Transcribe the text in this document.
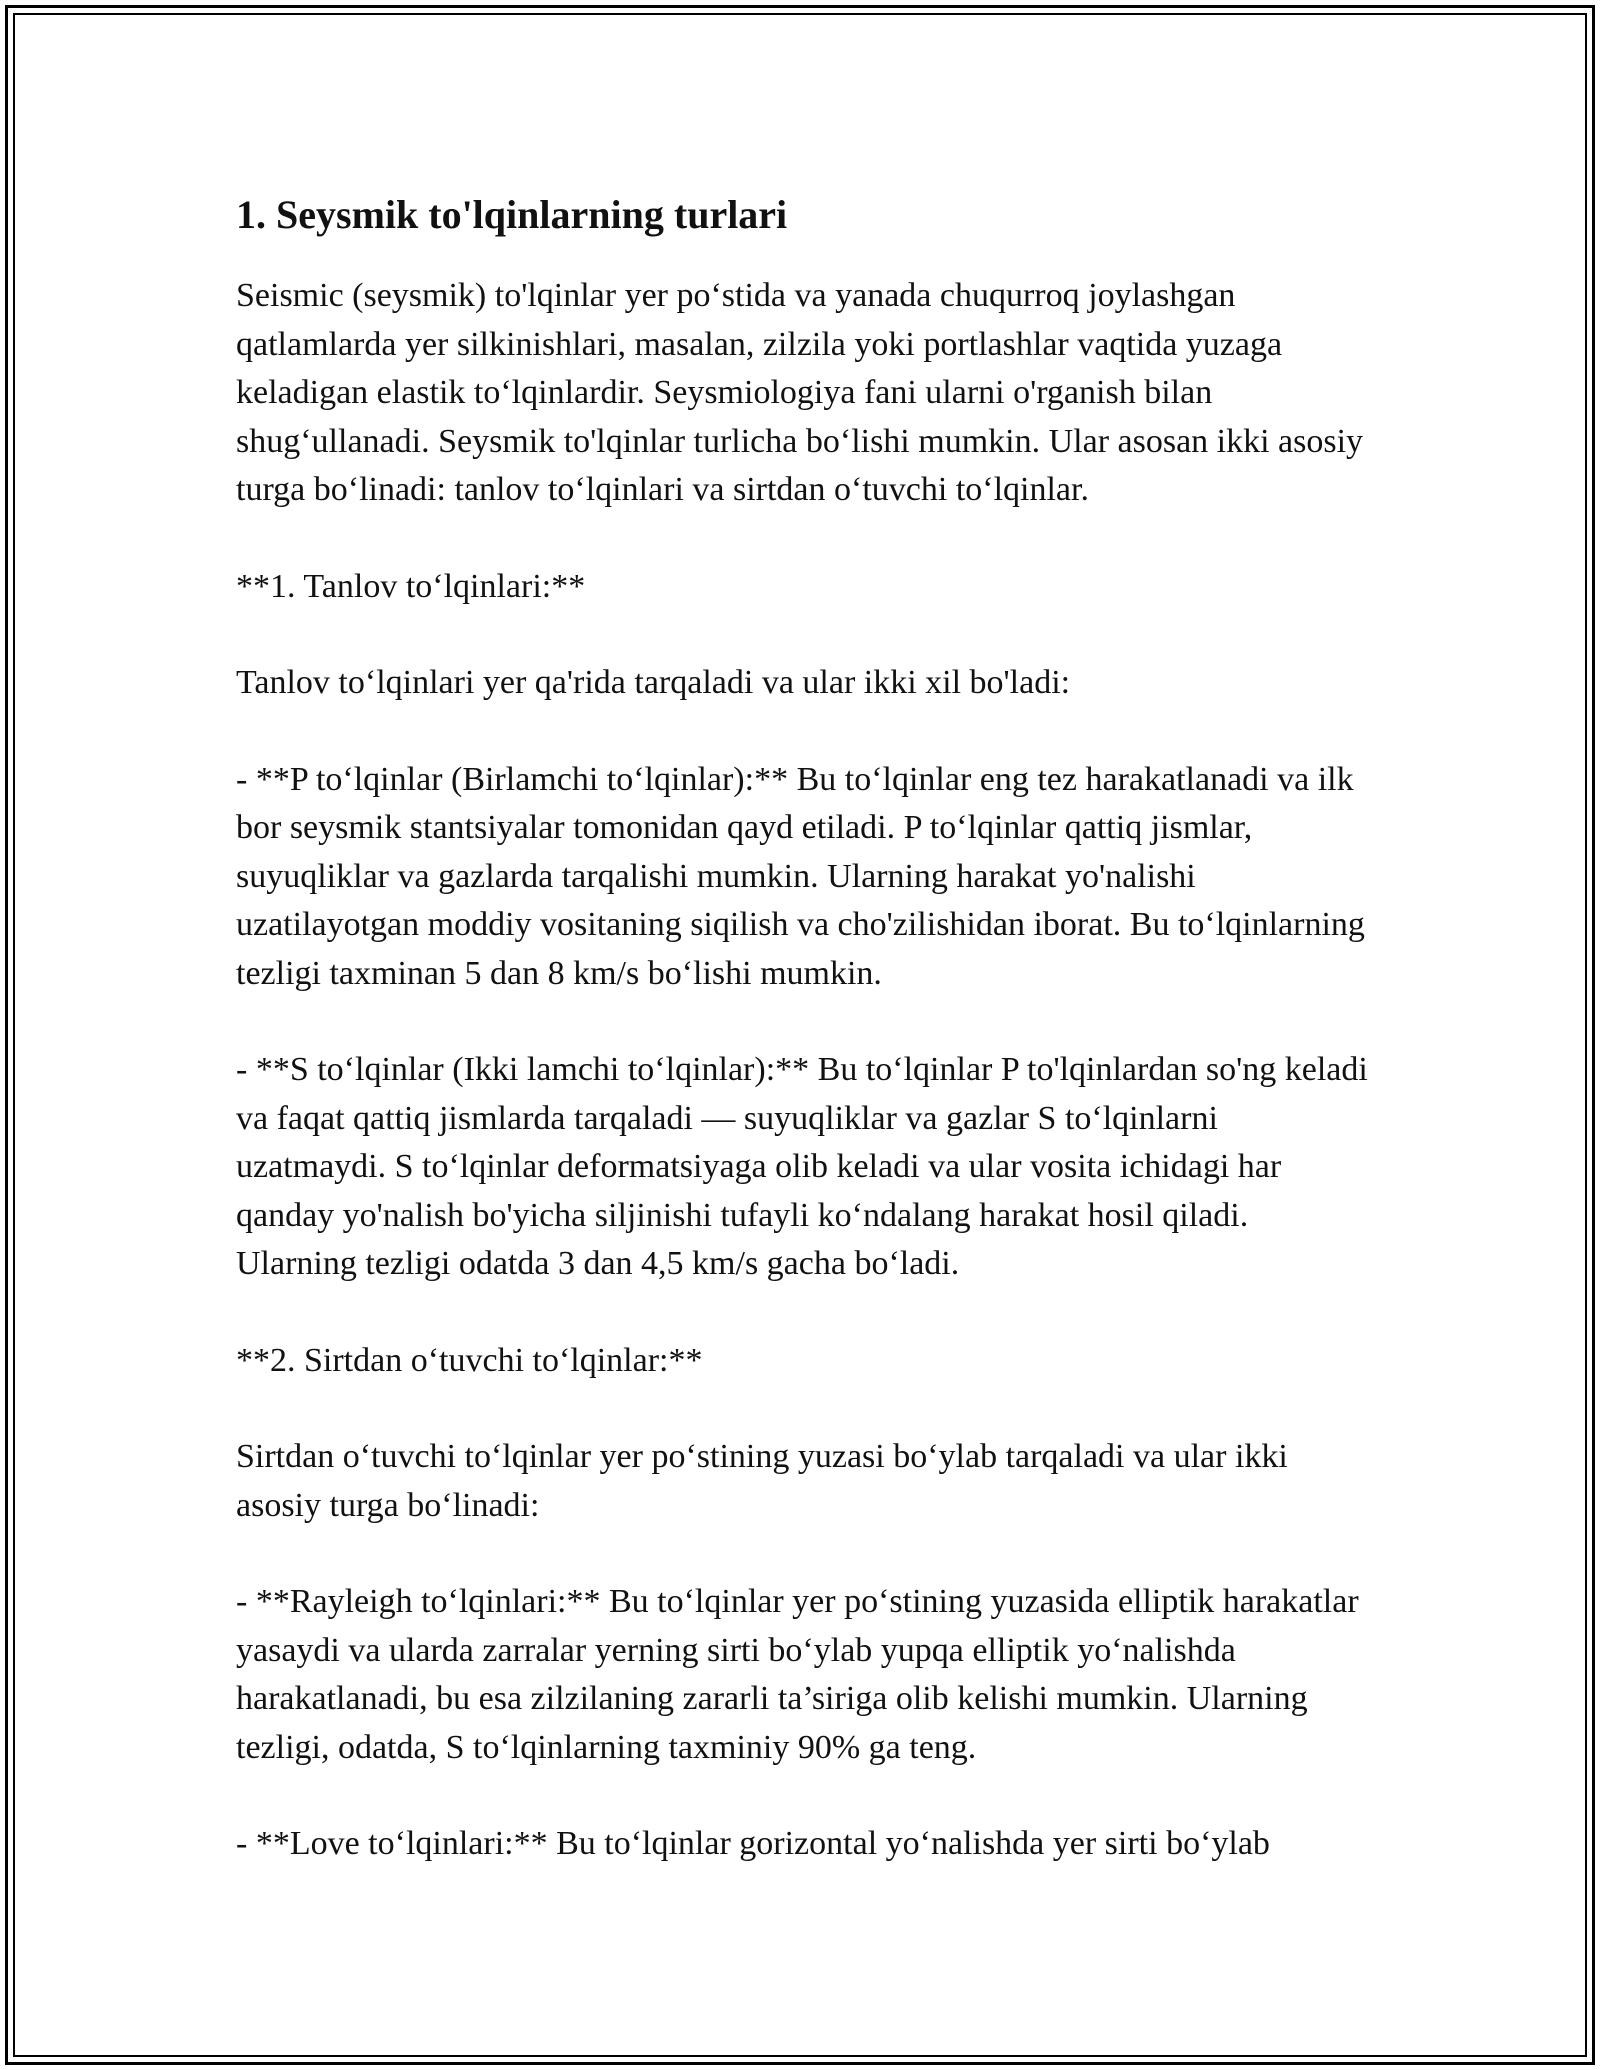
1. Seysmik to'lqinlarning turlari

Seismic (seysmik) to'lqinlar yer po‘stida va yanada chuqurroq joylashgan qatlamlarda yer silkinishlari, masalan, zilzila yoki portlashlar vaqtida yuzaga keladigan elastik to‘lqinlardir. Seysmiologiya fani ularni o'rganish bilan shug‘ullanadi. Seysmik to'lqinlar turlicha bo‘lishi mumkin. Ular asosan ikki asosiy turga bo‘linadi: tanlov to‘lqinlari va sirtdan o‘tuvchi to‘lqinlar.

**1. Tanlov to‘lqinlari:**

Tanlov to‘lqinlari yer qa'rida tarqaladi va ular ikki xil bo'ladi:

- **P to‘lqinlar (Birlamchi to‘lqinlar):** Bu to‘lqinlar eng tez harakatlanadi va ilk bor seysmik stantsiyalar tomonidan qayd etiladi. P to‘lqinlar qattiq jismlar, suyuqliklar va gazlarda tarqalishi mumkin. Ularning harakat yo'nalishi uzatilayotgan moddiy vositaning siqilish va cho'zilishidan iborat. Bu to‘lqinlarning tezligi taxminan 5 dan 8 km/s bo‘lishi mumkin.

- **S to‘lqinlar (Ikki lamchi to‘lqinlar):** Bu to‘lqinlar P to'lqinlardan so'ng keladi va faqat qattiq jismlarda tarqaladi — suyuqliklar va gazlar S to‘lqinlarni uzatmaydi. S to‘lqinlar deformatsiyaga olib keladi va ular vosita ichidagi har qanday yo'nalish bo'yicha siljinishi tufayli ko‘ndalang harakat hosil qiladi. Ularning tezligi odatda 3 dan 4,5 km/s gacha bo‘ladi.

**2. Sirtdan o‘tuvchi to‘lqinlar:**

Sirtdan o‘tuvchi to‘lqinlar yer po‘stining yuzasi bo‘ylab tarqaladi va ular ikki asosiy turga bo‘linadi:

- **Rayleigh to‘lqinlari:** Bu to‘lqinlar yer po‘stining yuzasida elliptik harakatlar yasaydi va ularda zarralar yerning sirti bo‘ylab yupqa elliptik yo‘nalishda harakatlanadi, bu esa zilzilaning zararli ta’siriga olib kelishi mumkin. Ularning tezligi, odatda, S to‘lqinlarning taxminiy 90% ga teng.

- **Love to‘lqinlari:** Bu to‘lqinlar gorizontal yo‘nalishda yer sirti bo‘ylab
